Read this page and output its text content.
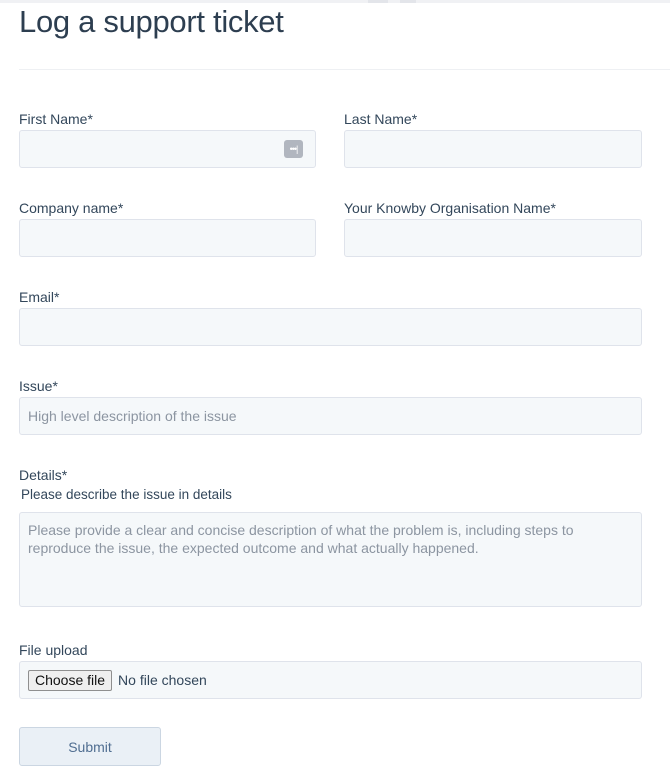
Log a support ticket
First Name*
•••|
Last Name*
Company name*	Your Knowby Organisation Name*
Email*
Issue*
High level description of the issue
Details*
Please describe the issue in details
Please provide a clear and concise description of what the problem is, including steps to reproduce the issue, the expected outcome and what actually happened.
File upload
Choose file No file chosen
Submit
